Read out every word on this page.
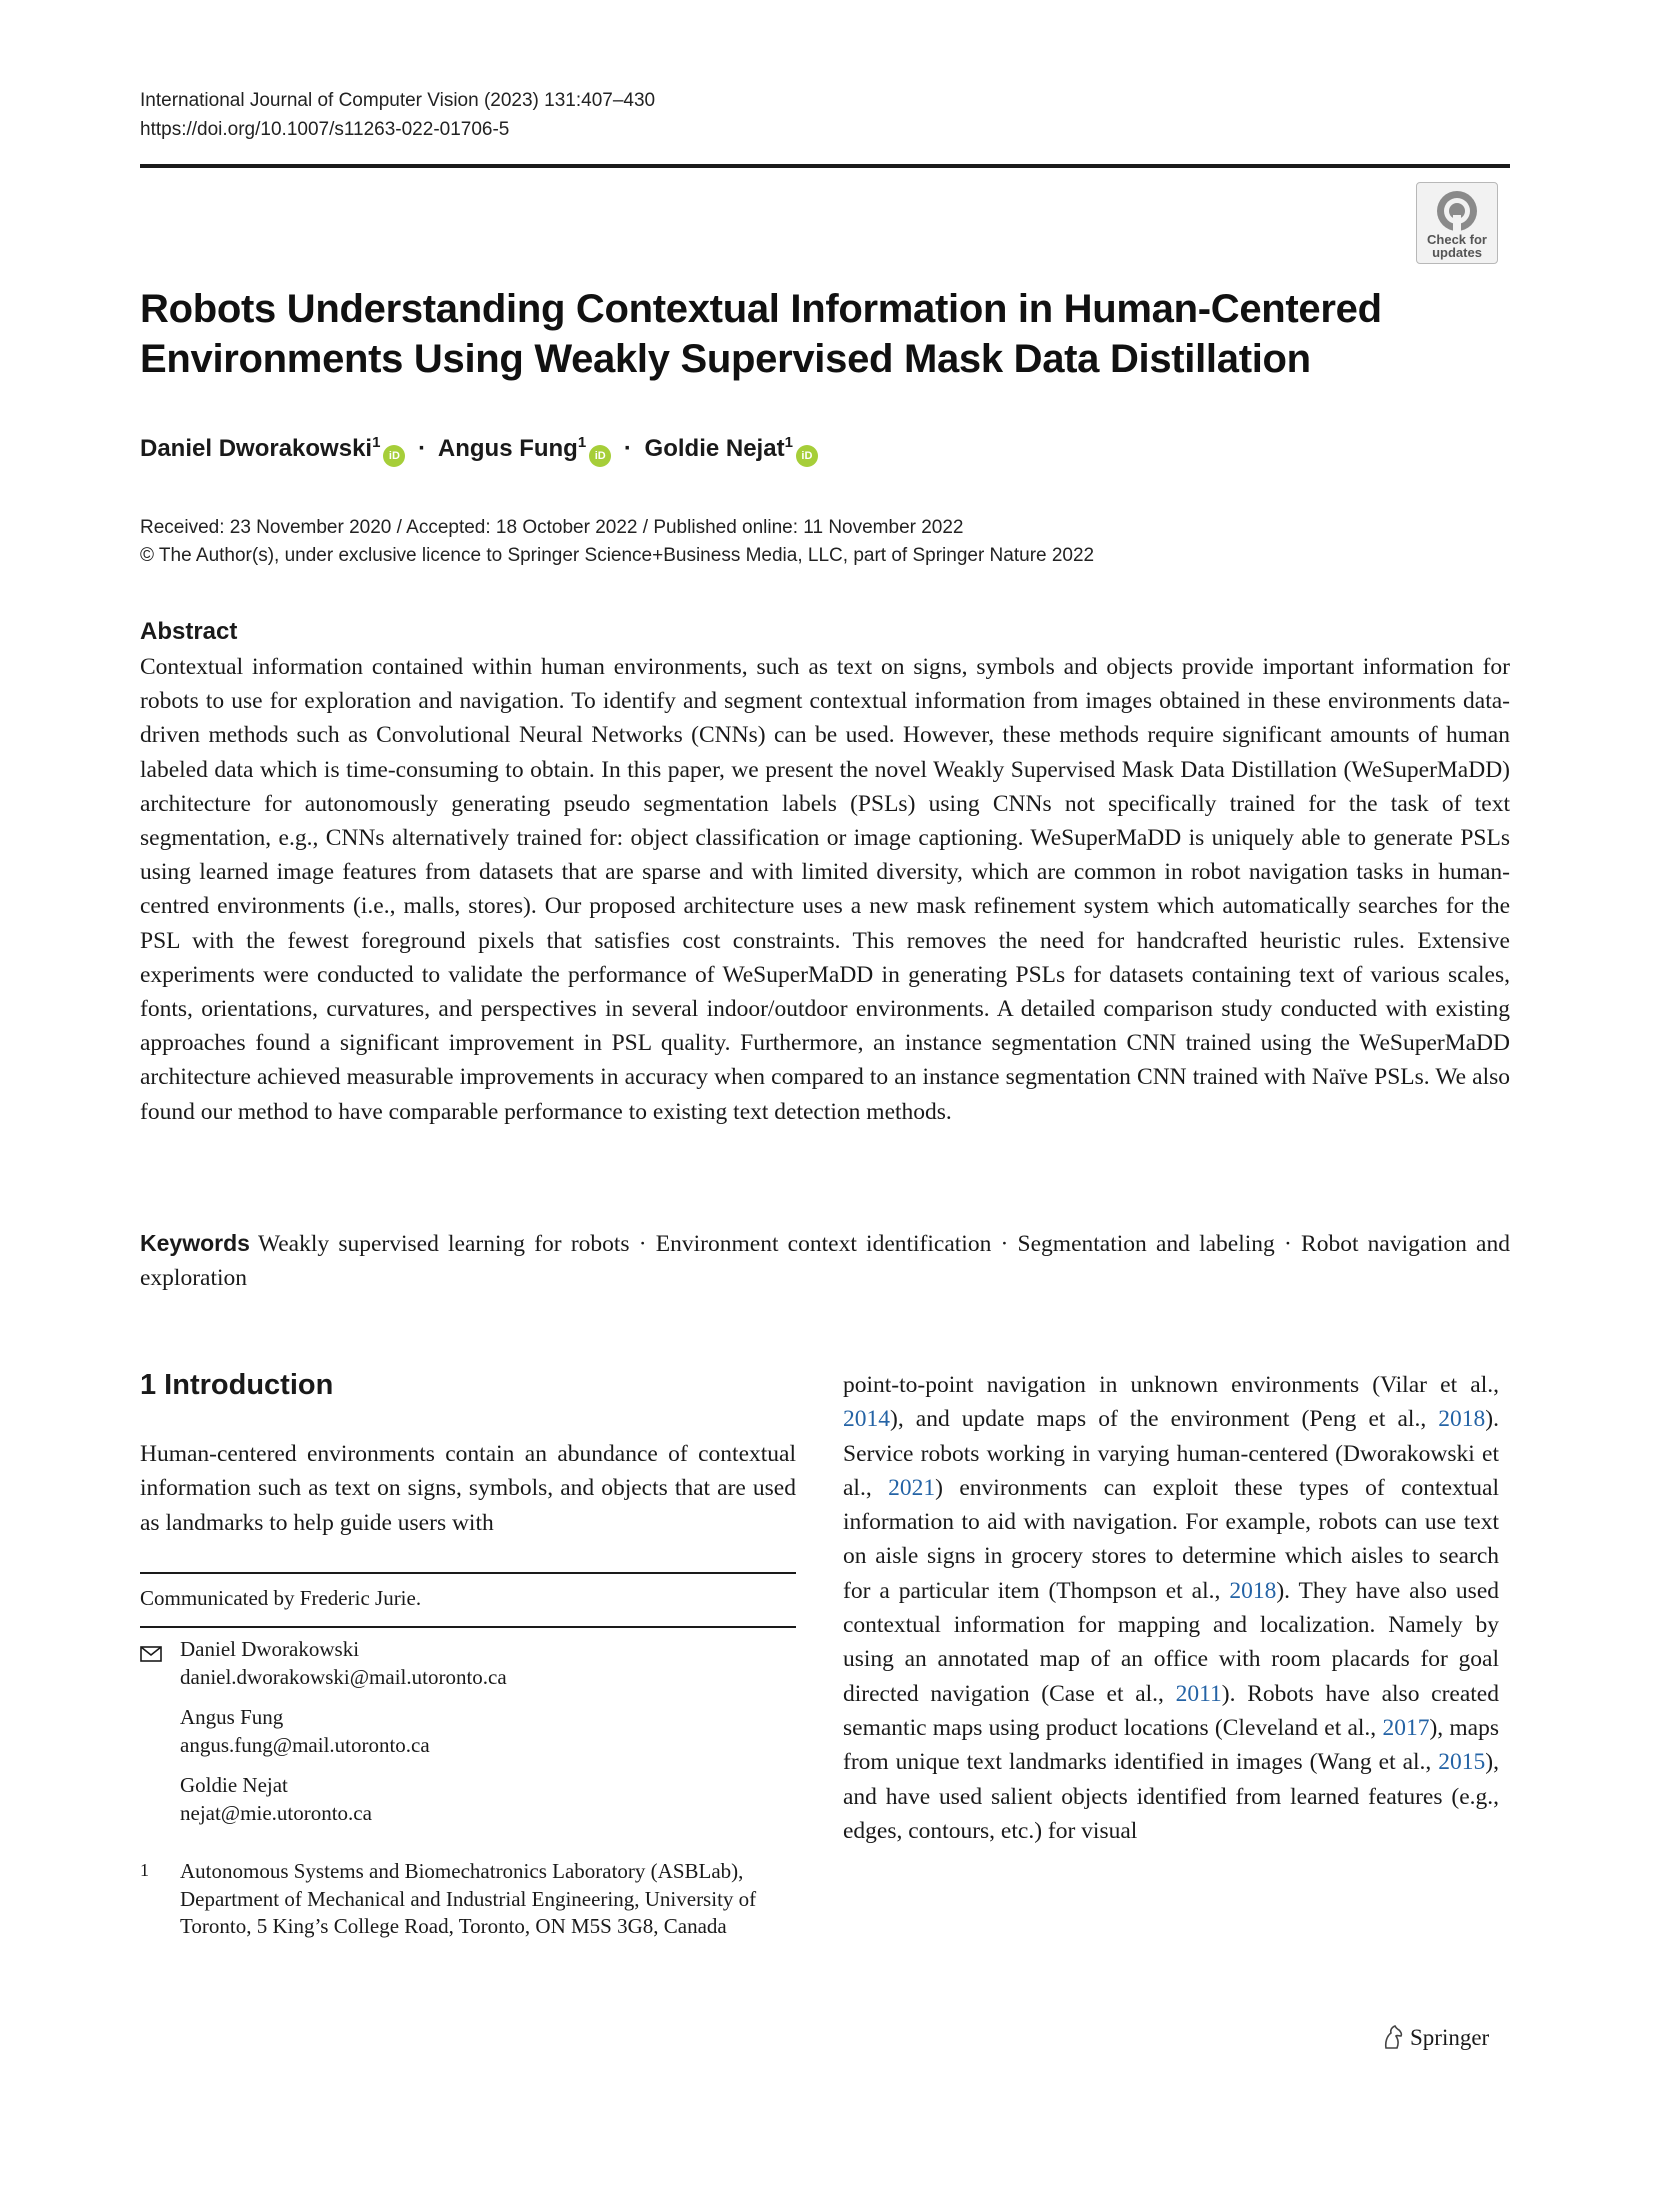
International Journal of Computer Vision (2023) 131:407–430
https://doi.org/10.1007/s11263-022-01706-5
Check for
updates
Robots Understanding Contextual Information in Human-Centered Environments Using Weakly Supervised Mask Data Distillation
Daniel Dworakowski$^1$iD · Angus Fung$^1$iD · Goldie Nejat$^1$iD
Received: 23 November 2020 / Accepted: 18 October 2022 / Published online: 11 November 2022
© The Author(s), under exclusive licence to Springer Science+Business Media, LLC, part of Springer Nature 2022
Abstract
Contextual information contained within human environments, such as text on signs, symbols and objects provide important information for robots to use for exploration and navigation. To identify and segment contextual information from images obtained in these environments data-driven methods such as Convolutional Neural Networks (CNNs) can be used. However, these methods require significant amounts of human labeled data which is time-consuming to obtain. In this paper, we present the novel Weakly Supervised Mask Data Distillation (WeSuperMaDD) architecture for autonomously generating pseudo segmentation labels (PSLs) using CNNs not specifically trained for the task of text segmentation, e.g., CNNs alternatively trained for: object classification or image captioning. WeSuperMaDD is uniquely able to generate PSLs using learned image features from datasets that are sparse and with limited diversity, which are common in robot navigation tasks in human-centred environments (i.e., malls, stores). Our proposed architecture uses a new mask refinement system which automatically searches for the PSL with the fewest foreground pixels that satisfies cost constraints. This removes the need for handcrafted heuristic rules. Extensive experiments were conducted to validate the performance of WeSuperMaDD in generating PSLs for datasets containing text of various scales, fonts, orientations, curvatures, and perspectives in several indoor/outdoor environments. A detailed comparison study conducted with existing approaches found a significant improvement in PSL quality. Furthermore, an instance segmentation CNN trained using the WeSuperMaDD architecture achieved measurable improvements in accuracy when compared to an instance segmentation CNN trained with Naïve PSLs. We also found our method to have comparable performance to existing text detection methods.
Keywords Weakly supervised learning for robots · Environment context identification · Segmentation and labeling · Robot navigation and exploration
1 Introduction
Human-centered environments contain an abundance of contextual information such as text on signs, symbols, and objects that are used as landmarks to help guide users with
point-to-point navigation in unknown environments (Vilar et al., 2014), and update maps of the environment (Peng et al., 2018). Service robots working in varying human-centered (Dworakowski et al., 2021) environments can exploit these types of contextual information to aid with navigation. For example, robots can use text on aisle signs in grocery stores to determine which aisles to search for a particular item (Thompson et al., 2018). They have also used contextual information for mapping and localization. Namely by using an annotated map of an office with room placards for goal directed navigation (Case et al., 2011). Robots have also created semantic maps using product locations (Cleveland et al., 2017), maps from unique text landmarks identified in images (Wang et al., 2015), and have used salient objects identified from learned features (e.g., edges, contours, etc.) for visual
Communicated by Frederic Jurie.
Daniel Dworakowski
daniel.dworakowski@mail.utoronto.ca
Angus Fung
angus.fung@mail.utoronto.ca
Goldie Nejat
nejat@mie.utoronto.ca
1 Autonomous Systems and Biomechatronics Laboratory (ASBLab), Department of Mechanical and Industrial Engineering, University of Toronto, 5 King’s College Road, Toronto, ON M5S 3G8, Canada
Springer
